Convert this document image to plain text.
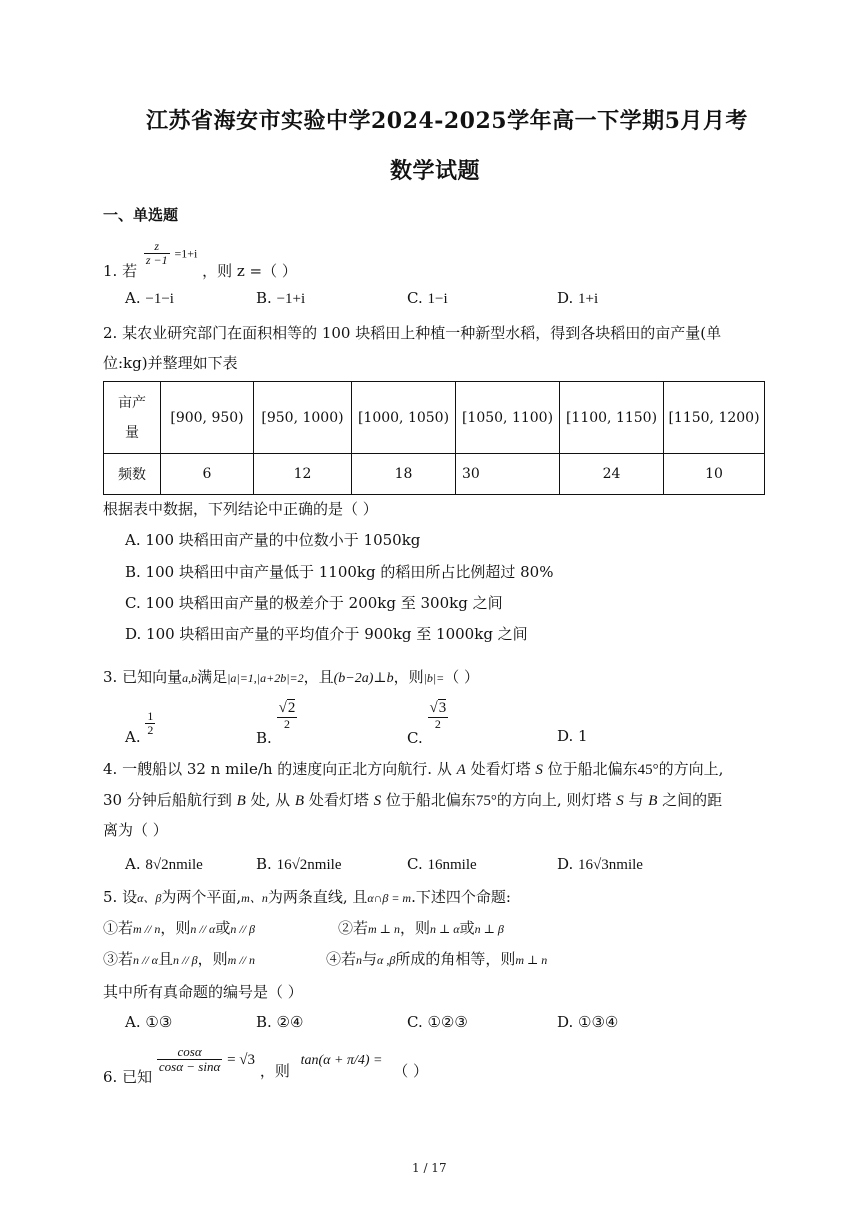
江苏省海安市实验中学2024-2025学年高一下学期5月月考
数学试题
一、单选题
1. 若
$\frac{z}{z -1} =1+i$ ，则 z =（ ）
A. −1−i	B. −1+i	C. 1−i	D. 1+i
2. 某农业研究部门在面积相等的 100 块稻田上种植一种新型水稻，得到各块稻田的亩产量(单
位:kg)并整理如下表
亩产
量	[900, 950)	[950, 1000)	[1000, 1050)	[1050, 1100)	[1100, 1150)	[1150, 1200)
频数	6	12	18	30	24	10
根据表中数据，下列结论中正确的是（ ）
A. 100 块稻田亩产量的中位数小于 1050kg
B. 100 块稻田中亩产量低于 1100kg 的稻田所占比例超过 80%
C. 100 块稻田亩产量的极差介于 200kg 至 300kg 之间
D. 100 块稻田亩产量的平均值介于 900kg 至 1000kg 之间
3. 已知向量a,b满足|a|=1,|a+2b|=2，且(b−2a)⊥b，则|b|=（ ）
A. $\frac{1}{2}$
B.
$\frac{√2}{2}$
C.
$\frac{√3}{2}$
D. 1
4. 一艘船以 32 n mile/h 的速度向正北方向航行. 从 A 处看灯塔 S 位于船北偏东45°的方向上,
30 分钟后船航行到 B 处, 从 B 处看灯塔 S 位于船北偏东75°的方向上, 则灯塔 S 与 B 之间的距
离为（ ）
A. 8√2nmile	B. 16√2nmile	C. 16nmile	D. 16√3nmile
5. 设α、β为两个平面,m、n为两条直线, 且α∩β = m.下述四个命题:
①若m // n，则n // α或n // β	②若m ⊥ n，则n ⊥ α或n ⊥ β
③若n // α且n // β，则m // n	④若n与α ,β所成的角相等，则m ⊥ n
其中所有真命题的编号是（ ）
A. ①③	B. ②④	C. ①②③	D. ①③④
6. 已知
$\frac{\cos\alpha}{\cos\alpha - \sin\alpha} = √3$ ，则 tan(α + π/4) = （ ）
1 / 17
